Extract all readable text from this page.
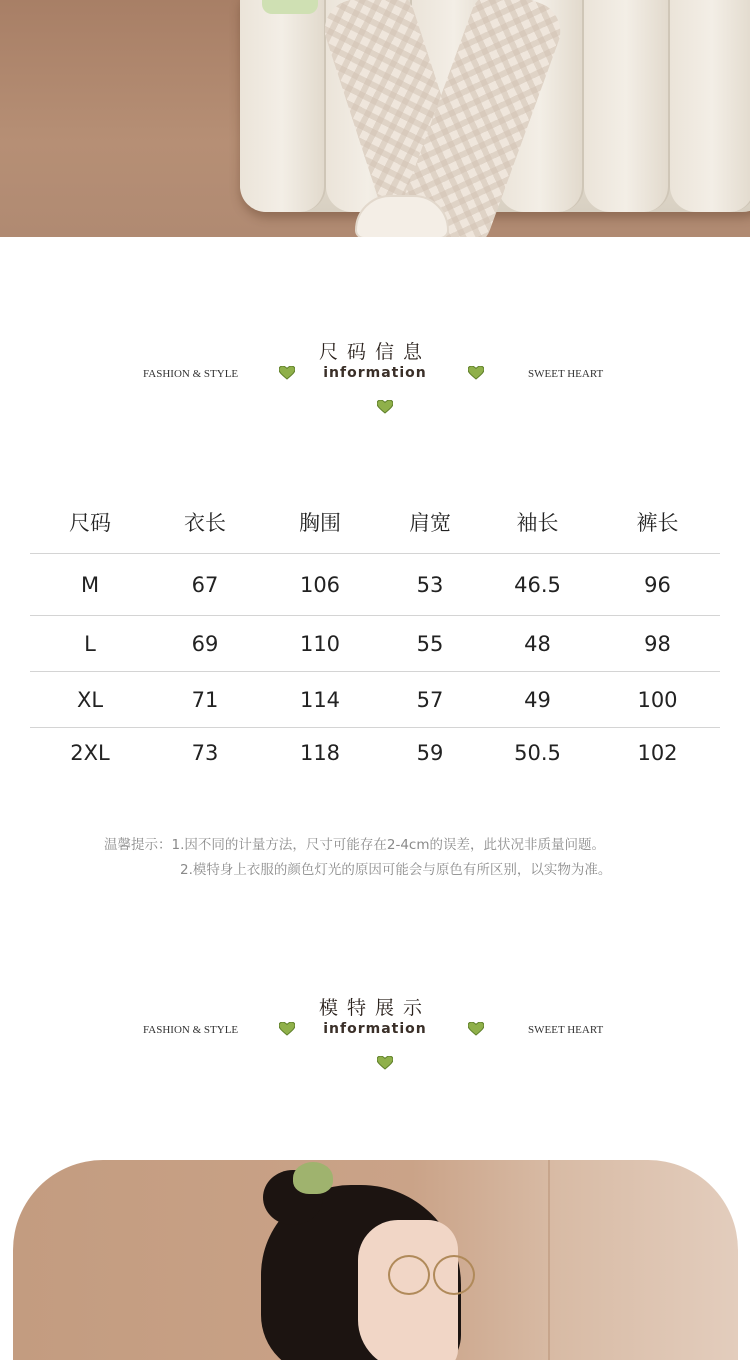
尺码信息
FASHION & STYLE	information	SWEET HEART
尺码	衣长	胸围	肩宽	袖长	裤长
M	67	106	53	46.5	96
L	69	110	55	48	98
XL	71	114	57	49	100
2XL	73	118	59	50.5	102
温馨提示：1.因不同的计量方法，尺寸可能存在2-4cm的误差，此状况非质量问题。
2.模特身上衣服的颜色灯光的原因可能会与原色有所区别，以实物为准。
模特展示
FASHION & STYLE	information	SWEET HEART
